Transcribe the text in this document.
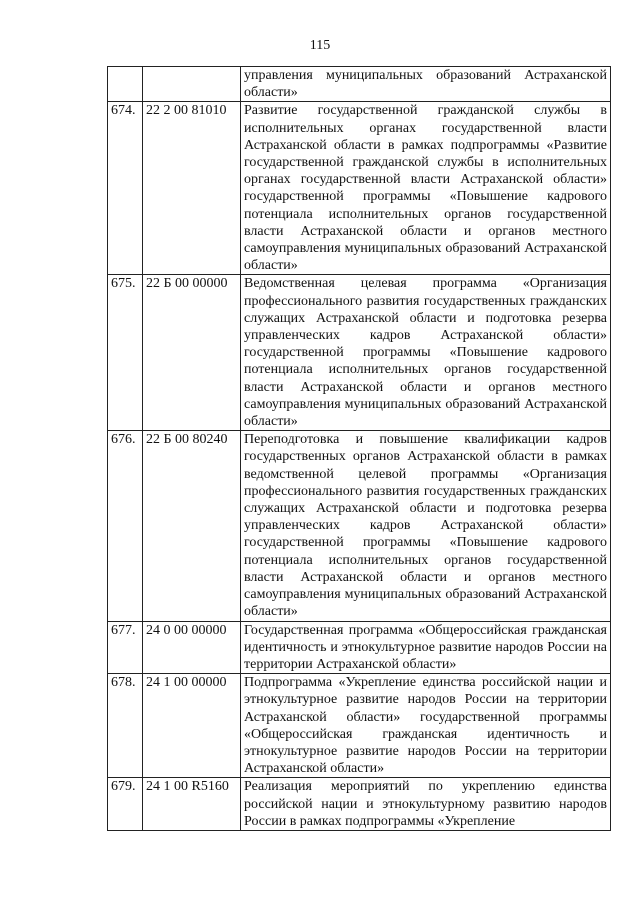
115
		управления муниципальных образований Астраханской области»
674.	22 2 00 81010	Развитие государственной гражданской службы в исполнительных органах государственной власти Астраханской области в рамках подпрограммы «Развитие государственной гражданской службы в исполнительных органах государственной власти Астраханской области» государственной программы «Повышение кадрового потенциала исполнительных органов государственной власти Астраханской области и органов местного самоуправления муниципальных образований Астраханской области»
675.	22 Б 00 00000	Ведомственная целевая программа «Организация профессионального развития государственных гражданских служащих Астраханской области и подготовка резерва управленческих кадров Астраханской области» государственной программы «Повышение кадрового потенциала исполнительных органов государственной власти Астраханской области и органов местного самоуправления муниципальных образований Астраханской области»
676.	22 Б 00 80240	Переподготовка и повышение квалификации кадров государственных органов Астраханской области в рамках ведомственной целевой программы «Организация профессионального развития государственных гражданских служащих Астраханской области и подготовка резерва управленческих кадров Астраханской области» государственной программы «Повышение кадрового потенциала исполнительных органов государственной власти Астраханской области и органов местного самоуправления муниципальных образований Астраханской области»
677.	24 0 00 00000	Государственная программа «Общероссийская гражданская идентичность и этнокультурное развитие народов России на территории Астраханской области»
678.	24 1 00 00000	Подпрограмма «Укрепление единства российской нации и этнокультурное развитие народов России на территории Астраханской области» государственной программы «Общероссийская гражданская идентичность и этнокультурное развитие народов России на территории Астраханской области»
679.	24 1 00 R5160	Реализация мероприятий по укреплению единства российской нации и этнокультурному развитию народов России в рамках подпрограммы «Укрепление
